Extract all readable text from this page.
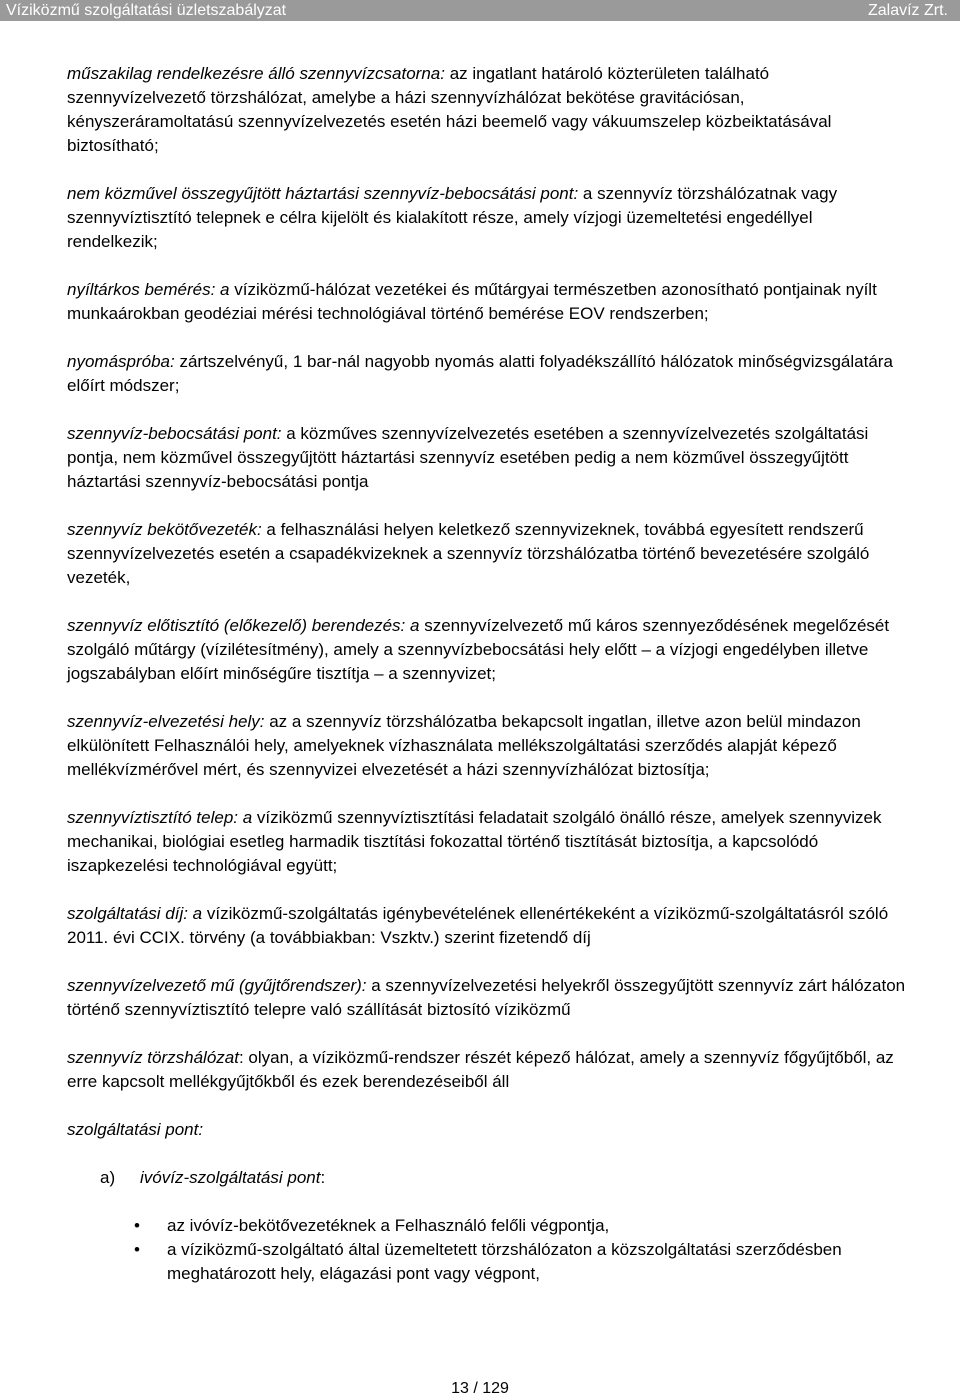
Víziközmű szolgáltatási üzletszabályzat	Zalavíz Zrt.

műszakilag rendelkezésre álló szennyvízcsatorna: az ingatlant határoló közterületen található szennyvízelvezető törzshálózat, amelybe a házi szennyvízhálózat bekötése gravitációsan, kényszeráramoltatású szennyvízelvezetés esetén házi beemelő vagy vákuumszelep közbeiktatásával biztosítható;

nem közművel összegyűjtött háztartási szennyvíz-bebocsátási pont: a szennyvíz törzshálózatnak vagy szennyvíztisztító telepnek e célra kijelölt és kialakított része, amely vízjogi üzemeltetési engedéllyel rendelkezik;

nyíltárkos bemérés: a víziközmű-hálózat vezetékei és műtárgyai természetben azonosítható pontjainak nyílt munkaárokban geodéziai mérési technológiával történő bemérése EOV rendszerben;

nyomáspróba: zártszelvényű, 1 bar-nál nagyobb nyomás alatti folyadékszállító hálózatok minőségvizsgálatára előírt módszer;

szennyvíz-bebocsátási pont: a közműves szennyvízelvezetés esetében a szennyvízelvezetés szolgáltatási pontja, nem közművel összegyűjtött háztartási szennyvíz esetében pedig a nem közművel összegyűjtött háztartási szennyvíz-bebocsátási pontja

szennyvíz bekötővezeték: a felhasználási helyen keletkező szennyvizeknek, továbbá egyesített rendszerű szennyvízelvezetés esetén a csapadékvizeknek a szennyvíz törzshálózatba történő bevezetésére szolgáló vezeték,

szennyvíz előtisztító (előkezelő) berendezés: a szennyvízelvezető mű káros szennyeződésének megelőzését szolgáló műtárgy (vízilétesítmény), amely a szennyvízbebocsátási hely előtt – a vízjogi engedélyben illetve jogszabályban előírt minőségűre tisztítja – a szennyvizet;

szennyvíz-elvezetési hely: az a szennyvíz törzshálózatba bekapcsolt ingatlan, illetve azon belül mindazon elkülönített Felhasználói hely, amelyeknek vízhasználata mellékszolgáltatási szerződés alapját képező mellékvízmérővel mért, és szennyvizei elvezetését a házi szennyvízhálózat biztosítja;

szennyvíztisztító telep: a víziközmű szennyvíztisztítási feladatait szolgáló önálló része, amelyek szennyvizek mechanikai, biológiai esetleg harmadik tisztítási fokozattal történő tisztítását biztosítja, a kapcsolódó iszapkezelési technológiával együtt;

szolgáltatási díj: a víziközmű-szolgáltatás igénybevételének ellenértékeként a víziközmű-szolgáltatásról szóló 2011. évi CCIX. törvény (a továbbiakban: Vszktv.) szerint fizetendő díj

szennyvízelvezető mű (gyűjtőrendszer): a szennyvízelvezetési helyekről összegyűjtött szennyvíz zárt hálózaton történő szennyvíztisztító telepre való szállítását biztosító víziközmű

szennyvíz törzshálózat: olyan, a víziközmű-rendszer részét képező hálózat, amely a szennyvíz főgyűjtőből, az erre kapcsolt mellékgyűjtőkből és ezek berendezéseiből áll

szolgáltatási pont:

a) ivóvíz-szolgáltatási pont:

• az ivóvíz-bekötővezetéknek a Felhasználó felőli végpontja,
• a víziközmű-szolgáltató által üzemeltetett törzshálózaton a közszolgáltatási szerződésben meghatározott hely, elágazási pont vagy végpont,
13 / 129
